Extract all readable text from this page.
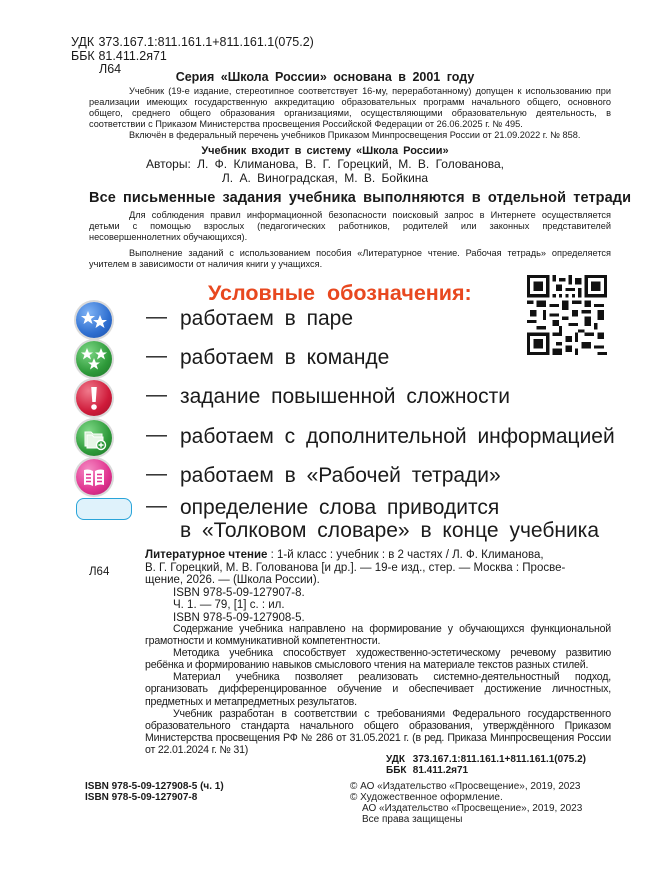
УДК 373.167.1:811.161.1+811.161.1(075.2)
ББК 81.411.2я71
Л64
Серия «Школа России» основана в 2001 году

Учебник (19-е издание, стереотипное соответствует 16-му, переработанному) допущен к использованию при реализации имеющих государственную аккредитацию образовательных программ начального общего, основного общего, среднего общего образования организациями, осуществляющими образовательную деятельность, в соответствии с Приказом Министерства просвещения Российской Федерации от 26.06.2025 г. № 495.

Включён в федеральный перечень учебников Приказом Минпросвещения России от 21.09.2022 г. № 858.

Учебник входит в систему «Школа России»
Авторы: Л. Ф. Климанова, В. Г. Горецкий, М. В. Голованова,
Л. А. Виноградская, М. В. Бойкина
Все письменные задания учебника выполняются в отдельной тетради

Для соблюдения правил информационной безопасности поисковый запрос в Интернете осуществляется детьми с помощью взрослых (педагогических работников, родителей или законных представителей несовершеннолетних обучающихся).

Выполнение заданий с использованием пособия «Литературное чтение. Рабочая тетрадь» определяется учителем в зависимости от наличия книги у учащихся.

Условные обозначения:
— работаем в паре
— работаем в команде
— задание повышенной сложности
— работаем с дополнительной информацией
— работаем в «Рабочей тетради»
— определение слова приводится
в «Толковом словаре» в конце учебника
Л64
Литературное чтение : 1-й класс : учебник : в 2 частях / Л. Ф. Климанова,
В. Г. Горецкий, М. В. Голованова [и др.]. — 19-е изд., стер. — Москва : Просве-
щение, 2026. — (Школа России).
ISBN 978-5-09-127907-8.
Ч. 1. — 79, [1] с. : ил.
ISBN 978-5-09-127908-5.

Содержание учебника направлено на формирование у обучающихся функциональной грамотности и коммуникативной компетентности.

Методика учебника способствует художественно-эстетическому речевому развитию ребёнка и формированию навыков смыслового чтения на материале текстов разных стилей.

Материал учебника позволяет реализовать системно-деятельностный подход, организовать дифференцированное обучение и обеспечивает достижение личностных, предметных и метапредметных результатов.

Учебник разработан в соответствии с требованиями Федерального государственного образовательного стандарта начального общего образования, утверждённого Приказом Министерства просвещения РФ № 286 от 31.05.2021 г. (в ред. Приказа Минпросвещения России от 22.01.2024 г. № 31)

УДК 373.167.1:811.161.1+811.161.1(075.2)
ББК 81.411.2я71
ISBN 978-5-09-127908-5 (ч. 1)
ISBN 978-5-09-127907-8
© АО «Издательство «Просвещение», 2019, 2023
© Художественное оформление.
АО «Издательство «Просвещение», 2019, 2023
Все права защищены
